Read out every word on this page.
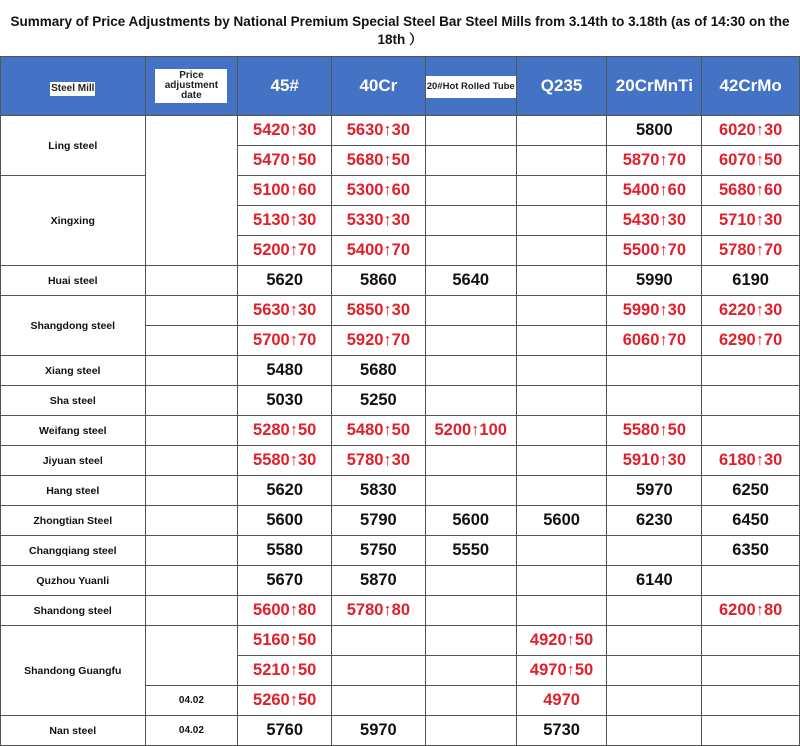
Summary of Price Adjustments by National Premium Special Steel Bar Steel Mills from 3.14th to 3.18th (as of 14:30 on the 18th ）
Steel Mill	Price adjustment date	45#	40Cr	20#Hot Rolled Tube	Q235	20CrMnTi	42CrMo
Ling steel		5420↑30	5630↑30			5800	6020↑30
		5470↑50	5680↑50			5870↑70	6070↑50
Xingxing		5100↑60	5300↑60			5400↑60	5680↑60
		5130↑30	5330↑30			5430↑30	5710↑30
		5200↑70	5400↑70			5500↑70	5780↑70
Huai steel		5620	5860	5640		5990	6190
Shangdong steel		5630↑30	5850↑30			5990↑30	6220↑30
		5700↑70	5920↑70			6060↑70	6290↑70
Xiang steel		5480	5680				
Sha steel		5030	5250				
Weifang steel		5280↑50	5480↑50	5200↑100		5580↑50	
Jiyuan steel		5580↑30	5780↑30			5910↑30	6180↑30
Hang steel		5620	5830			5970	6250
Zhongtian Steel		5600	5790	5600	5600	6230	6450
Changqiang steel		5580	5750	5550			6350
Quzhou Yuanli		5670	5870			6140	
Shandong steel		5600↑80	5780↑80				6200↑80
Shandong Guangfu		5160↑50			4920↑50		
		5210↑50			4970↑50		
	04.02	5260↑50			4970		
Nan steel	04.02	5760	5970		5730		
